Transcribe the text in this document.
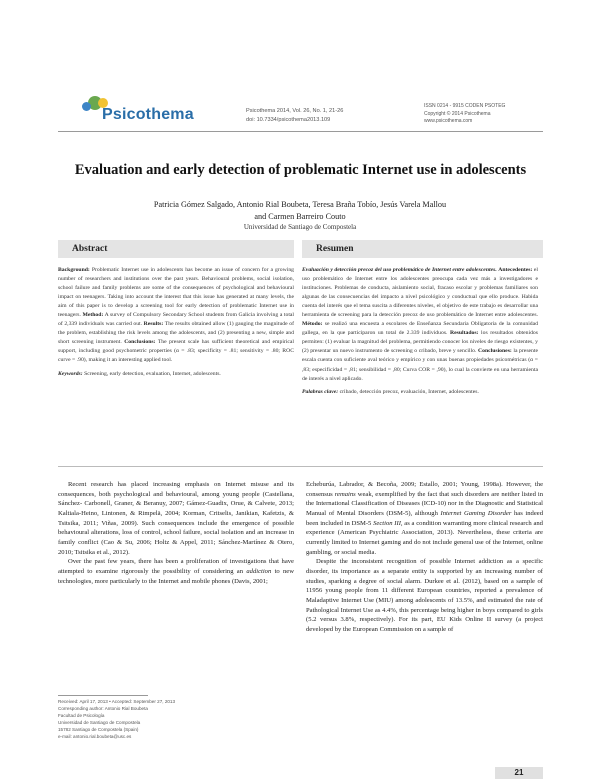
Psicothema	Psicothema 2014, Vol. 26, No. 1, 21-26
doi: 10.7334/psicothema2013.109
ISSN 0214 - 9915 CODEN PSOTEG
Copyright © 2014 Psicothema
www.psicothema.com
Evaluation and early detection of problematic Internet use in adolescents
Patricia Gómez Salgado, Antonio Rial Boubeta, Teresa Braña Tobío, Jesús Varela Mallou
and Carmen Barreiro Couto
Universidad de Santiago de Compostela
Abstract

Background: Problematic Internet use in adolescents has become an issue of concern for a growing number of researchers and institutions over the past years. Behavioural problems, social isolation, school failure and family problems are some of the consequences of psychological and behavioural impact on teenagers. Taking into account the interest that this issue has generated at many levels, the aim of this paper is to develop a screening tool for early detection of problematic Internet use in teenagers. Method: A survey of Compulsory Secondary School students from Galicia involving a total of 2,339 individuals was carried out. Results: The results obtained allow (1) gauging the magnitude of the problem, establishing the risk levels among the adolescents, and (2) presenting a new, simple and short screening instrument. Conclusions: The present scale has sufficient theoretical and empirical support, including good psychometric properties (α = .83; specificity = .81; sensitivity = .80; ROC curve = .90), making it an interesting applied tool.

Keywords: Screening, early detection, evaluation, Internet, adolescents.

Resumen

Evaluación y detección precoz del uso problemático de Internet entre adolescentes. Antecedentes: el uso problemático de Internet entre los adolescentes preocupa cada vez más a investigadores e instituciones. Problemas de conducta, aislamiento social, fracaso escolar y problemas familiares son algunas de las consecuencias del impacto a nivel psicológico y conductual que ello produce. Habida cuenta del interés que el tema suscita a diferentes niveles, el objetivo de este trabajo es desarrollar una herramienta de screening para la detección precoz de uso problemático de Internet entre adolescentes. Método: se realizó una encuesta a escolares de Enseñanza Secundaria Obligatoria de la comunidad gallega, en la que participaron un total de 2.339 individuos. Resultados: los resultados obtenidos permiten: (1) evaluar la magnitud del problema, permitiendo conocer los niveles de riesgo existentes, y (2) presentar un nuevo instrumento de screening o cribado, breve y sencillo. Conclusiones: la presente escala cuenta con suficiente aval teórico y empírico y con unas buenas propiedades psicométricas (α = ,83; especificidad = ,81; sensibilidad = ,80; Curva COR = ,90), lo cual la convierte en una herramienta de interés a nivel aplicado.

Palabras clave: cribado, detección precoz, evaluación, Internet, adolescentes.

Recent research has placed increasing emphasis on Internet misuse and its consequences, both psychological and behavioural, among young people (Castellana, Sánchez- Carbonell, Graner, & Beranuy, 2007; Gámez-Guadix, Orue, & Calvete, 2013; Kaltiala-Heino, Lintonen, & Rimpelä, 2004; Korman, Critselis, Janikian, Kafetzis, & Tsitsika, 2011; Viñas, 2009). Such consequences include the emergence of possible behavioural alterations, loss of control, school failure, social isolation and an increase in family conflict (Cao & Su, 2006; Holtz & Appel, 2011; Sánchez-Martínez & Otero, 2010; Tsitsika et al., 2012).

Over the past few years, there has been a proliferation of investigations that have attempted to examine rigorously the possibility of considering an addiction to new technologies, more particularly to the Internet and mobile phones (Davis, 2001;

Echeburúa, Labrador, & Becoña, 2009; Estallo, 2001; Young, 1998a). However, the consensus remains weak, exemplified by the fact that such disorders are neither listed in the International Classification of Diseases (ICD-10) nor in the Diagnostic and Statistical Manual of Mental Disorders (DSM-5), although Internet Gaming Disorder has indeed been included in DSM-5 Section III, as a condition warranting more clinical research and experience (American Psychiatric Association, 2013). Nevertheless, these criteria are currently limited to Internet gaming and do not include general use of the Internet, online gambling, or social media.

Despite the inconsistent recognition of possible Internet addiction as a specific disorder, its importance as a separate entity is supported by an increasing number of studies, sparking a degree of social alarm. Durkee et al. (2012), based on a sample of 11956 young people from 11 different European countries, reported a prevalence of Maladaptive Internet Use (MIU) among adolescents of 13.5%, and estimated the rate of Pathological Internet Use as 4.4%, this percentage being higher in boys compared to girls (5.2 versus 3.8%, respectively). For its part, EU Kids Online II survey (a project developed by the European Commission on a sample of

Received: April 17, 2013 • Accepted: September 27, 2013
Corresponding author: Antonio Rial Boubeta
Facultad de Psicología
Universidad de Santiago de Compostela
15782 Santiago de Compostela (Spain)
e-mail: antonio.rial.boubeta@usc.es
21
